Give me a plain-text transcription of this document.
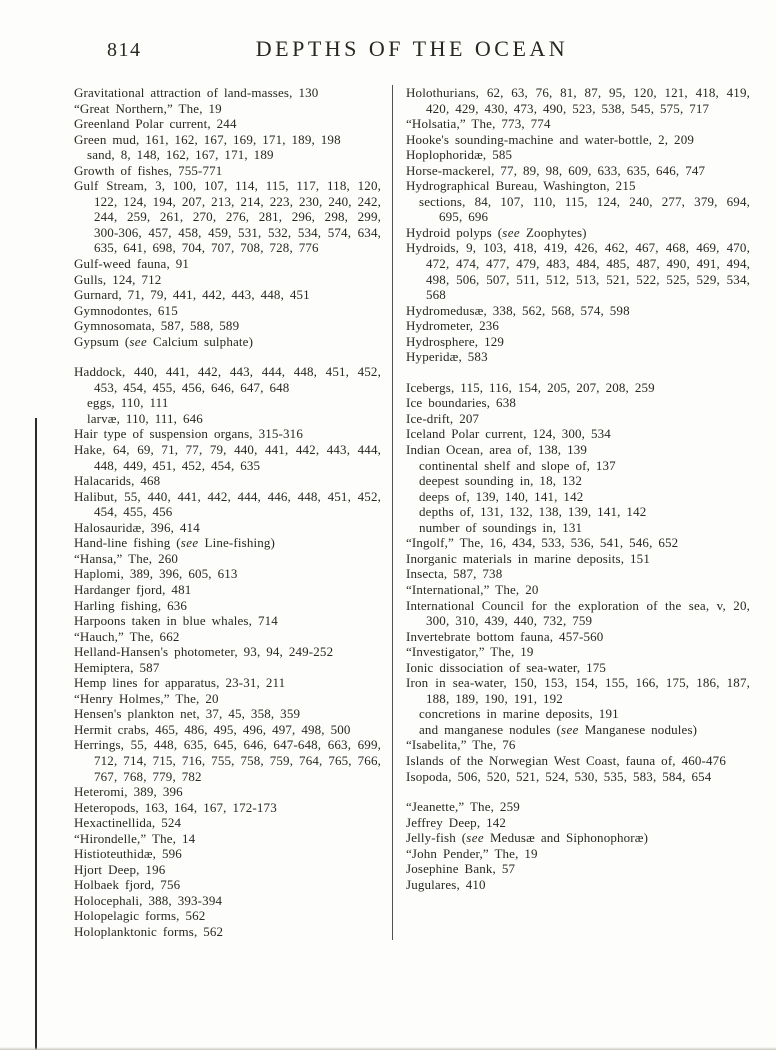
814	DEPTHS OF THE OCEAN
Gravitational attraction of land-masses, 130
“Great Northern,” The, 19
Greenland Polar current, 244
Green mud, 161, 162, 167, 169, 171, 189, 198
sand, 8, 148, 162, 167, 171, 189
Growth of fishes, 755-771
Gulf Stream, 3, 100, 107, 114, 115, 117, 118, 120, 122, 124, 194, 207, 213, 214, 223, 230, 240, 242, 244, 259, 261, 270, 276, 281, 296, 298, 299, 300-306, 457, 458, 459, 531, 532, 534, 574, 634, 635, 641, 698, 704, 707, 708, 728, 776
Gulf-weed fauna, 91
Gulls, 124, 712
Gurnard, 71, 79, 441, 442, 443, 448, 451
Gymnodontes, 615
Gymnosomata, 587, 588, 589
Gypsum (see Calcium sulphate)
Haddock, 440, 441, 442, 443, 444, 448, 451, 452, 453, 454, 455, 456, 646, 647, 648
eggs, 110, 111
larvæ, 110, 111, 646
Hair type of suspension organs, 315-316
Hake, 64, 69, 71, 77, 79, 440, 441, 442, 443, 444, 448, 449, 451, 452, 454, 635
Halacarids, 468
Halibut, 55, 440, 441, 442, 444, 446, 448, 451, 452, 454, 455, 456
Halosauridæ, 396, 414
Hand-line fishing (see Line-fishing)
“Hansa,” The, 260
Haplomi, 389, 396, 605, 613
Hardanger fjord, 481
Harling fishing, 636
Harpoons taken in blue whales, 714
“Hauch,” The, 662
Helland-Hansen's photometer, 93, 94, 249-252
Hemiptera, 587
Hemp lines for apparatus, 23-31, 211
“Henry Holmes,” The, 20
Hensen's plankton net, 37, 45, 358, 359
Hermit crabs, 465, 486, 495, 496, 497, 498, 500
Herrings, 55, 448, 635, 645, 646, 647-648, 663, 699, 712, 714, 715, 716, 755, 758, 759, 764, 765, 766, 767, 768, 779, 782
Heteromi, 389, 396
Heteropods, 163, 164, 167, 172-173
Hexactinellida, 524
“Hirondelle,” The, 14
Histioteuthidæ, 596
Hjort Deep, 196
Holbaek fjord, 756
Holocephali, 388, 393-394
Holopelagic forms, 562
Holoplanktonic forms, 562
Holothurians, 62, 63, 76, 81, 87, 95, 120, 121, 418, 419, 420, 429, 430, 473, 490, 523, 538, 545, 575, 717
“Holsatia,” The, 773, 774
Hooke's sounding-machine and water-bottle, 2, 209
Hoplophoridæ, 585
Horse-mackerel, 77, 89, 98, 609, 633, 635, 646, 747
Hydrographical Bureau, Washington, 215
sections, 84, 107, 110, 115, 124, 240, 277, 379, 694, 695, 696
Hydroid polyps (see Zoophytes)
Hydroids, 9, 103, 418, 419, 426, 462, 467, 468, 469, 470, 472, 474, 477, 479, 483, 484, 485, 487, 490, 491, 494, 498, 506, 507, 511, 512, 513, 521, 522, 525, 529, 534, 568
Hydromedusæ, 338, 562, 568, 574, 598
Hydrometer, 236
Hydrosphere, 129
Hyperidæ, 583
Icebergs, 115, 116, 154, 205, 207, 208, 259
Ice boundaries, 638
Ice-drift, 207
Iceland Polar current, 124, 300, 534
Indian Ocean, area of, 138, 139
continental shelf and slope of, 137
deepest sounding in, 18, 132
deeps of, 139, 140, 141, 142
depths of, 131, 132, 138, 139, 141, 142
number of soundings in, 131
“Ingolf,” The, 16, 434, 533, 536, 541, 546, 652
Inorganic materials in marine deposits, 151
Insecta, 587, 738
“International,” The, 20
International Council for the exploration of the sea, v, 20, 300, 310, 439, 440, 732, 759
Invertebrate bottom fauna, 457-560
“Investigator,” The, 19
Ionic dissociation of sea-water, 175
Iron in sea-water, 150, 153, 154, 155, 166, 175, 186, 187, 188, 189, 190, 191, 192
concretions in marine deposits, 191
and manganese nodules (see Manganese nodules)
“Isabelita,” The, 76
Islands of the Norwegian West Coast, fauna of, 460-476
Isopoda, 506, 520, 521, 524, 530, 535, 583, 584, 654
“Jeanette,” The, 259
Jeffrey Deep, 142
Jelly-fish (see Medusæ and Siphonophoræ)
“John Pender,” The, 19
Josephine Bank, 57
Jugulares, 410
